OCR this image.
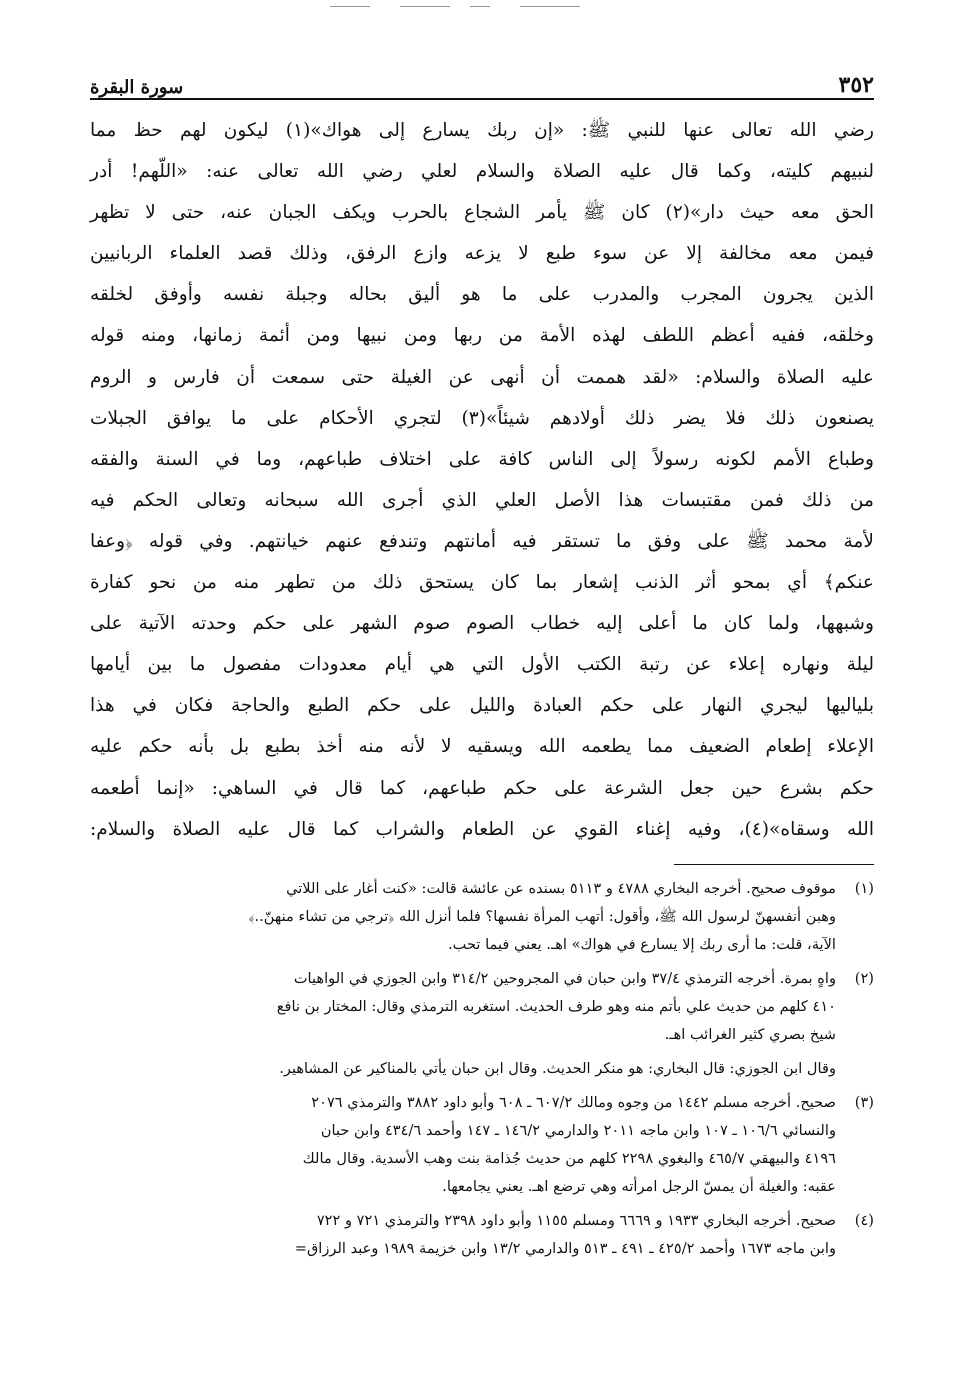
٣٥٢
سورة البقرة
رضي الله تعالى عنها للنبي ﷺ: «إن ربك يسارع إلى هواك»(١) ليكون لهم حظ مما
لنبيهم كليته، وكما قال عليه الصلاة والسلام لعلي رضي الله تعالى عنه: «اللّهم! أدر
الحق معه حيث دار»(٢) كان ﷺ يأمر الشجاع بالحرب ويكف الجبان عنه، حتى لا تظهر
فيمن معه مخالفة إلا عن سوء طبع لا يزعه وازع الرفق، وذلك قصد العلماء الربانيين
الذين يجرون المجرب والمدرب على ما هو أليق بحاله وجبلة نفسه وأوفق لخلقه
وخلقه، ففيه أعظم اللطف لهذه الأمة من ربها ومن نبيها ومن أئمة زمانها، ومنه قوله
عليه الصلاة والسلام: «لقد هممت أن أنهى عن الغيلة حتى سمعت أن فارس و الروم
يصنعون ذلك فلا يضر ذلك أولادهم شيئاً»(٣) لتجري الأحكام على ما يوافق الجبلات
وطباع الأمم لكونه رسولاً إلى الناس كافة على اختلاف طباعهم، وما في السنة والفقه
من ذلك فمن مقتبسات هذا الأصل العلي الذي أجرى الله سبحانه وتعالى الحكم فيه
لأمة محمد ﷺ على وفق ما تستقر فيه أمانتهم وتندفع عنهم خيانتهم. وفي قوله ﴿وعفا
عنكم﴾ أي بمحو أثر الذنب إشعار بما كان يستحق ذلك من تطهر منه من نحو كفارة
وشبهها، ولما كان ما أعلى إليه خطاب الصوم صوم الشهر على حكم وحدته الآتية على
ليلة ونهاره إعلاء عن رتبة الكتب الأول التي هي أيام معدودات مفصول ما بين أيامها
بلياليها ليجري النهار على حكم العبادة والليل على حكم الطبع والحاجة فكان في هذا
الإعلاء إطعام الضعيف مما يطعمه الله ويسقيه لا لأنه منه أخذ بطبع بل بأنه حكم عليه
حكم بشرع حين جعل الشرعة على حكم طباعهم، كما قال في الساهي: «إنما أطعمه
الله وسقاه»(٤)، وفيه إغناء القوي عن الطعام والشراب كما قال عليه الصلاة والسلام:
(١)
موقوف صحيح. أخرجه البخاري ٤٧٨٨ و ٥١١٣ بسنده عن عائشة قالت: «كنت أغار على اللاتي
وهبن أنفسهنّ لرسول الله ﷺ، وأقول: أتهب المرأة نفسها؟ فلما أنزل الله ﴿ترجي من تشاء منهنّ..﴾
الآية، قلت: ما أرى ربك إلا يسارع في هواك» اهـ. يعني فيما تحب.
(٢)
واهٍ بمرة. أخرجه الترمذي ٣٧/٤ وابن حبان في المجروحين ٣١٤/٢ وابن الجوزي في الواهيات
٤١٠ كلهم من حديث علي بأتم منه وهو طرف الحديث. استغربه الترمذي وقال: المختار بن نافع
شيخ بصري كثير الغرائب اهـ.
وقال ابن الجوزي: قال البخاري: هو منكر الحديث. وقال ابن حبان يأتي بالمناكير عن المشاهير.
(٣)
صحيح. أخرجه مسلم ١٤٤٢ من وجوه ومالك ٦٠٧/٢ ـ ٦٠٨ وأبو داود ٣٨٨٢ والترمذي ٢٠٧٦
والنسائي ١٠٦/٦ ـ ١٠٧ وابن ماجه ٢٠١١ والدارمي ١٤٦/٢ ـ ١٤٧ وأحمد ٤٣٤/٦ وابن حبان
٤١٩٦ والبيهقي ٤٦٥/٧ والبغوي ٢٢٩٨ كلهم من حديث جُذامة بنت وهب الأسدية. وقال مالك
عقبه: والغيلة أن يمسّ الرجل امرأته وهي ترضع اهـ. يعني يجامعها.
(٤)
صحيح. أخرجه البخاري ١٩٣٣ و ٦٦٦٩ ومسلم ١١٥٥ وأبو داود ٢٣٩٨ والترمذي ٧٢١ و ٧٢٢
وابن ماجه ١٦٧٣ وأحمد ٤٢٥/٢ ـ ٤٩١ ـ ٥١٣ والدارمي ١٣/٢ وابن خزيمة ١٩٨٩ وعبد الرزاق=
